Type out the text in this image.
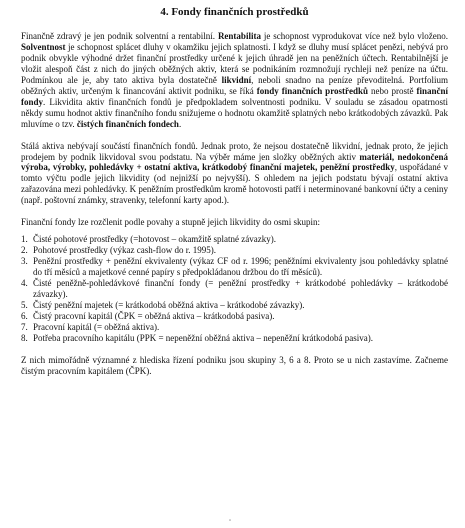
4. Fondy finančních prostředků

Finančně zdravý je jen podnik solventní a rentabilní. Rentabilita je schopnost vyprodukovat více než bylo vloženo. Solventnost je schopnost splácet dluhy v okamžiku jejich splatnosti. I když se dluhy musí splácet penězi, nebývá pro podnik obvykle výhodné držet finanční prostředky určené k jejich úhradě jen na peněžních účtech. Rentabilnější je vložit alespoň část z nich do jiných oběžných aktiv, která se podnikáním rozmnožují rychleji než peníze na účtu. Podmínkou ale je, aby tato aktiva byla dostatečně likvidní, neboli snadno na peníze převoditelná. Portfolium oběžných aktiv, určeným k financování aktivit podniku, se říká fondy finančních prostředků nebo prostě finanční fondy. Likvidita aktiv finančních fondů je předpokladem solventnosti podniku. V souladu se zásadou opatrnosti někdy sumu hodnot aktiv finančního fondu snižujeme o hodnotu okamžitě splatných nebo krátkodobých závazků. Pak mluvíme o tzv. čistých finančních fondech.

Stálá aktiva nebývají součástí finančních fondů. Jednak proto, že nejsou dostatečně likvidní, jednak proto, že jejich prodejem by podnik likvidoval svou podstatu. Na výběr máme jen složky oběžných aktiv materiál, nedokončená výroba, výrobky, pohledávky + ostatní aktiva, krátkodobý finanční majetek, peněžní prostředky, uspořádané v tomto výčtu podle jejich likvidity (od nejnižší po nejvyšší). S ohledem na jejich podstatu bývají ostatní aktiva zařazována mezi pohledávky. K peněžním prostředkům kromě hotovosti patří i neterminované bankovní účty a ceniny (např. poštovní známky, stravenky, telefonní karty apod.).

Finanční fondy lze rozčlenit podle povahy a stupně jejich likvidity do osmi skupin:

1. Čisté pohotové prostředky (=hotovost – okamžitě splatné závazky).
2. Pohotové prostředky (výkaz cash-flow do r. 1995).
3. Peněžní prostředky + peněžní ekvivalenty (výkaz CF od r. 1996; peněžními ekvivalenty jsou pohledávky splatné do tří měsíců a majetkové cenné papíry s předpokládanou držbou do tří měsíců).
4. Čisté peněžně-pohledávkové finanční fondy (= peněžní prostředky + krátkodobé pohledávky – krátkodobé závazky).
5. Čistý peněžní majetek (= krátkodobá oběžná aktiva – krátkodobé závazky).
6. Čistý pracovní kapitál (ČPK = oběžná aktiva – krátkodobá pasiva).
7. Pracovní kapitál (= oběžná aktiva).
8. Potřeba pracovního kapitálu (PPK = nepeněžní oběžná aktiva – nepeněžní krátkodobá pasiva).

Z nich mimořádně významné z hlediska řízení podniku jsou skupiny 3, 6 a 8. Proto se u nich zastavíme. Začneme čistým pracovním kapitálem (ČPK).

ˇ
